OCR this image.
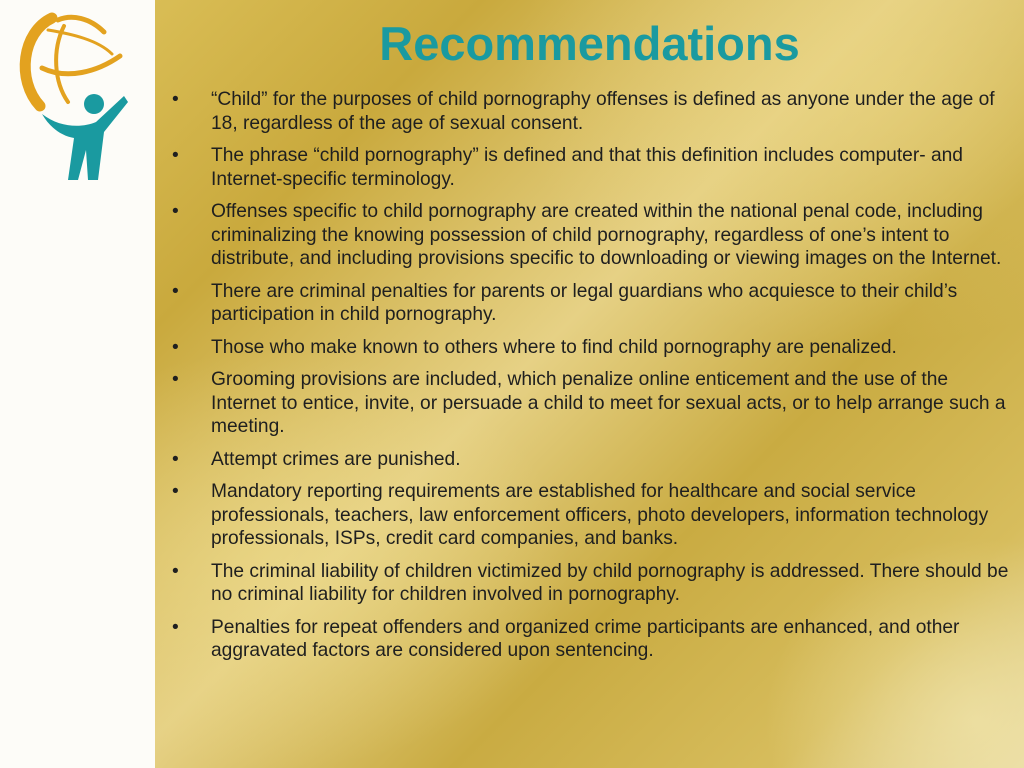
Recommendations
• “Child” for the purposes of child pornography offenses is defined as anyone under the age of 18, regardless of the age of sexual consent.
• The phrase “child pornography” is defined and that this definition includes computer- and Internet-specific terminology.
• Offenses specific to child pornography are created within the national penal code, including criminalizing the knowing possession of child pornography, regardless of one’s intent to distribute, and including provisions specific to downloading or viewing images on the Internet.
• There are criminal penalties for parents or legal guardians who acquiesce to their child’s participation in child pornography.
• Those who make known to others where to find child pornography are penalized.
• Grooming provisions are included, which penalize online enticement and the use of the Internet to entice, invite, or persuade a child to meet for sexual acts, or to help arrange such a meeting.
• Attempt crimes are punished.
• Mandatory reporting requirements are established for healthcare and social service professionals, teachers, law enforcement officers, photo developers, information technology professionals, ISPs, credit card companies, and banks.
• The criminal liability of children victimized by child pornography is addressed. There should be no criminal liability for children involved in pornography.
• Penalties for repeat offenders and organized crime participants are enhanced, and other aggravated factors are considered upon sentencing.
